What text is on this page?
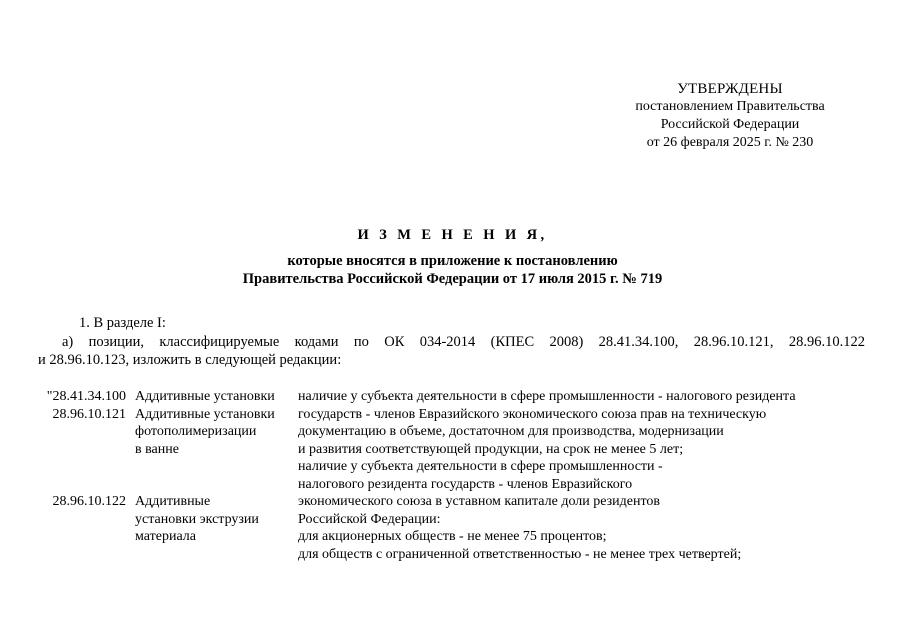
УТВЕРЖДЕНЫ
постановлением Правительства
Российской Федерации
от 26 февраля 2025 г. № 230
И З М Е Н Е Н И Я,
которые вносятся в приложение к постановлению
Правительства Российской Федерации от 17 июля 2015 г. № 719
1. В разделе I:
а) позиции, классифицируемые кодами по ОК 034-2014 (КПЕС 2008) 28.41.34.100, 28.96.10.121, 28.96.10.122
и 28.96.10.123, изложить в следующей редакции:
"28.41.34.100
28.96.10.121

28.96.10.122
Аддитивные установки
Аддитивные установки
фотополимеризации
в ванне

Аддитивные
установки экструзии
материала
наличие у субъекта деятельности в сфере промышленности - налогового резидента
государств - членов Евразийского экономического союза прав на техническую
документацию в объеме, достаточном для производства, модернизации
и развития соответствующей продукции, на срок не менее 5 лет;
наличие у субъекта деятельности в сфере промышленности -
налогового резидента государств - членов Евразийского
экономического союза в уставном капитале доли резидентов
Российской Федерации:
для акционерных обществ - не менее 75 процентов;
для обществ с ограниченной ответственностью - не менее трех четвертей;
